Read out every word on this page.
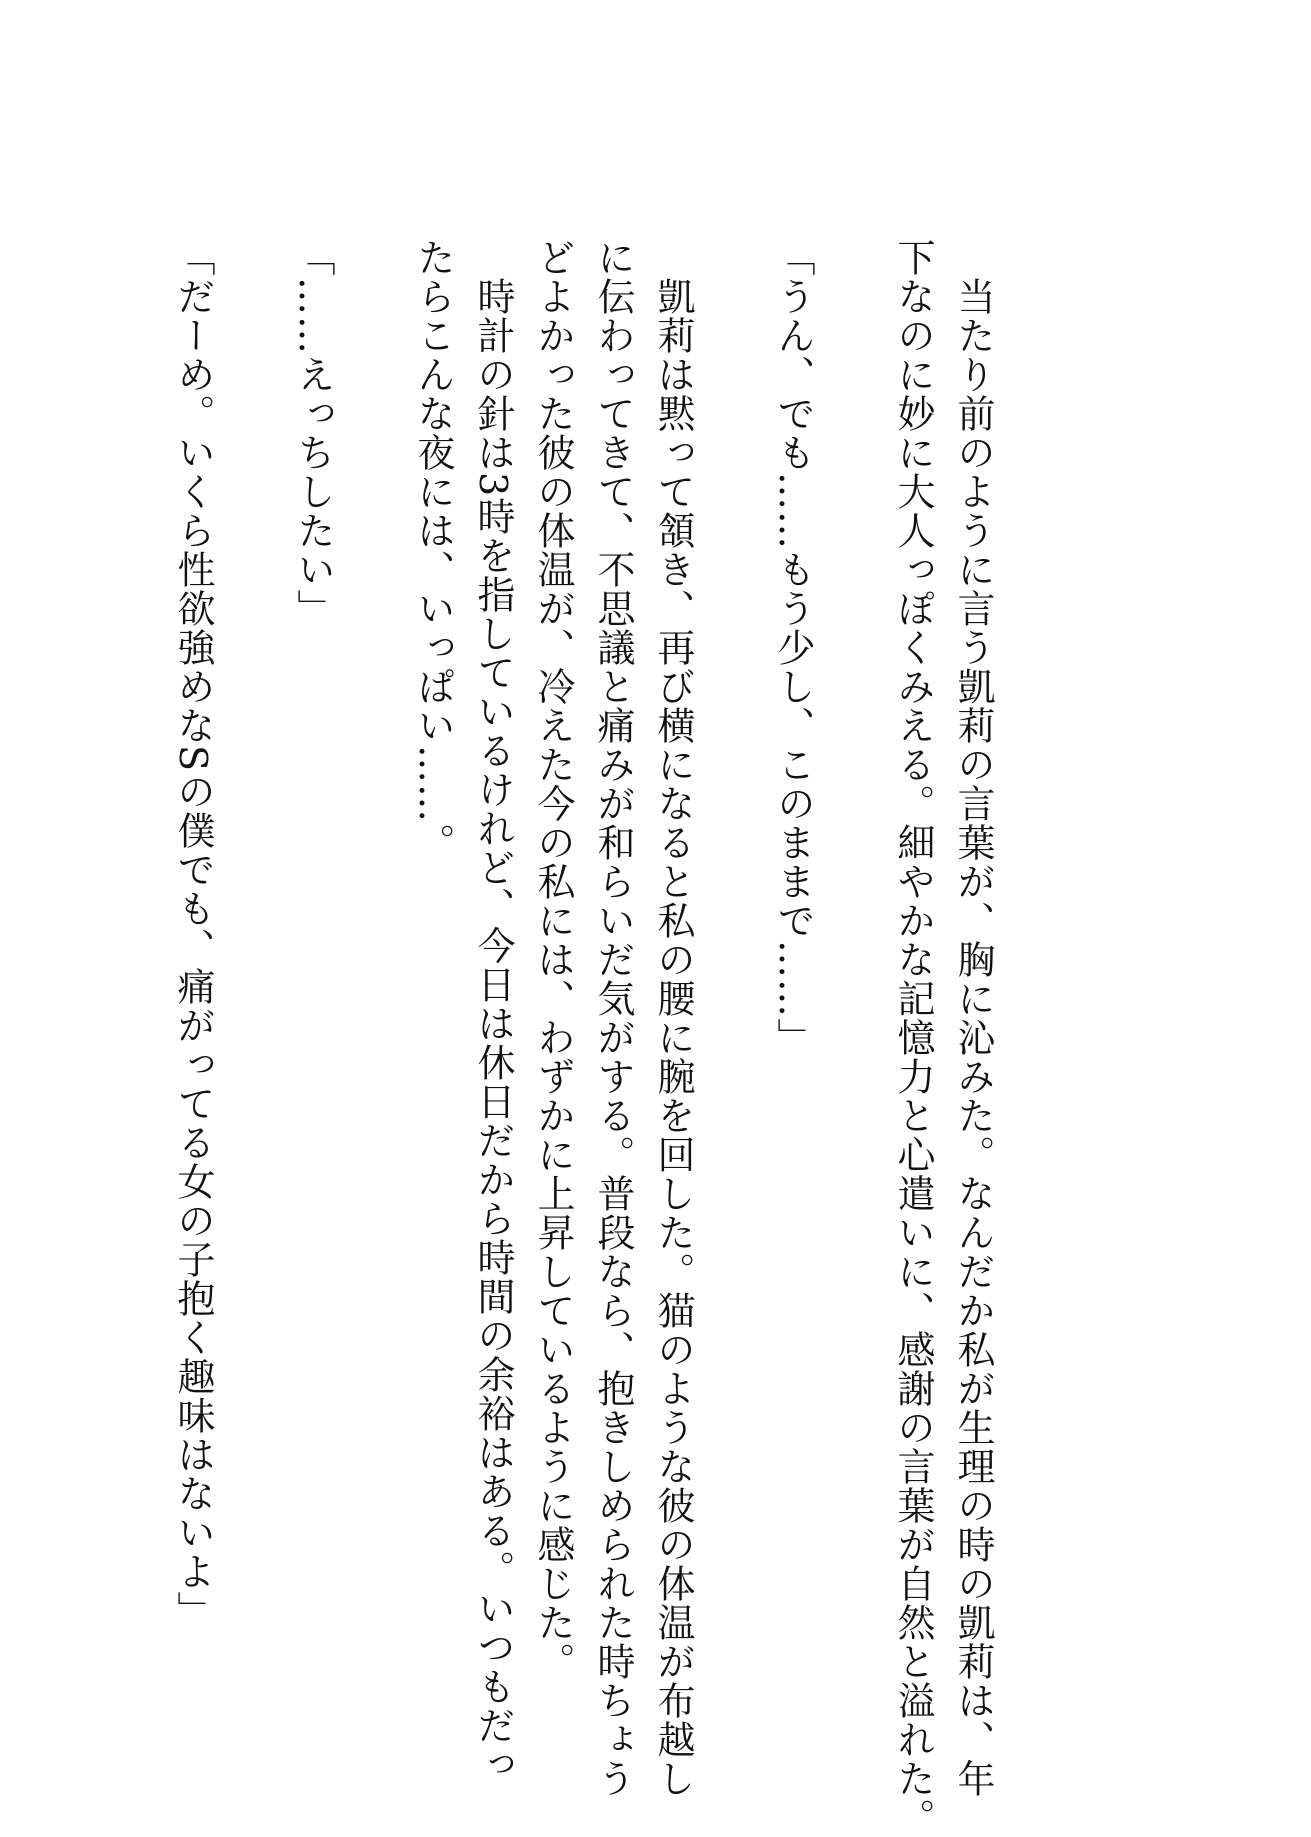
　当たり前のように言う凱莉の言葉が、胸に沁みた。なんだか私が生理の時の凱莉は、年
下なのに妙に大人っぽくみえる。細やかな記憶力と心遣いに、感謝の言葉が自然と溢れた。
「うん、でも……もう少し、このままで……」
　凱莉は黙って頷き、再び横になると私の腰に腕を回した。猫のような彼の体温が布越し
に伝わってきて、不思議と痛みが和らいだ気がする。普段なら、抱きしめられた時ちょう
どよかった彼の体温が、冷えた今の私には、わずかに上昇しているように感じた。
　時計の針は3時を指しているけれど、今日は休日だから時間の余裕はある。いつもだっ
たらこんな夜には、いっぱい……。
「……えっちしたい」
「だーめ。いくら性欲強めなSの僕でも、痛がってる女の子抱く趣味はないよ」
